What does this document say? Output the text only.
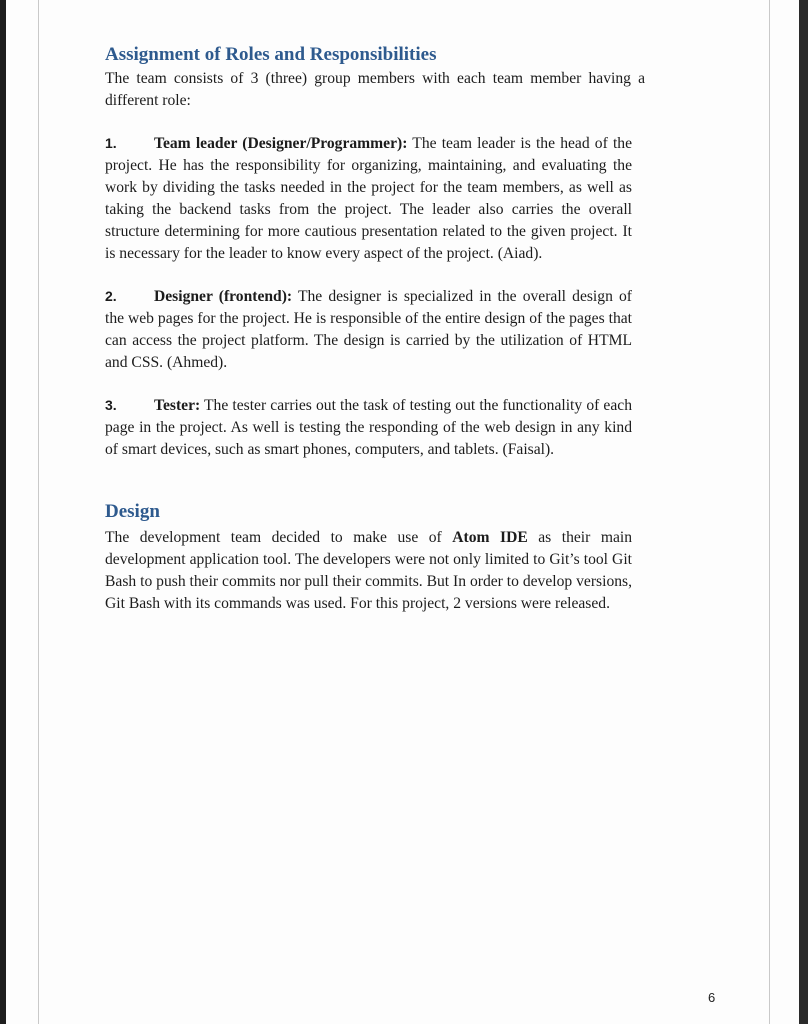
Assignment of Roles and Responsibilities

The team consists of 3 (three) group members with each team member having a different role:

1. Team leader (Designer/Programmer): The team leader is the head of the project. He has the responsibility for organizing, maintaining, and evaluating the work by dividing the tasks needed in the project for the team members, as well as taking the backend tasks from the project. The leader also carries the overall structure determining for more cautious presentation related to the given project. It is necessary for the leader to know every aspect of the project. (Aiad).

2. Designer (frontend): The designer is specialized in the overall design of the web pages for the project. He is responsible of the entire design of the pages that can access the project platform. The design is carried by the utilization of HTML and CSS. (Ahmed).

3. Tester: The tester carries out the task of testing out the functionality of each page in the project. As well is testing the responding of the web design in any kind of smart devices, such as smart phones, computers, and tablets. (Faisal).

Design

The development team decided to make use of Atom IDE as their main development application tool. The developers were not only limited to Git’s tool Git Bash to push their commits nor pull their commits. But In order to develop versions, Git Bash with its commands was used. For this project, 2 versions were released.

6
